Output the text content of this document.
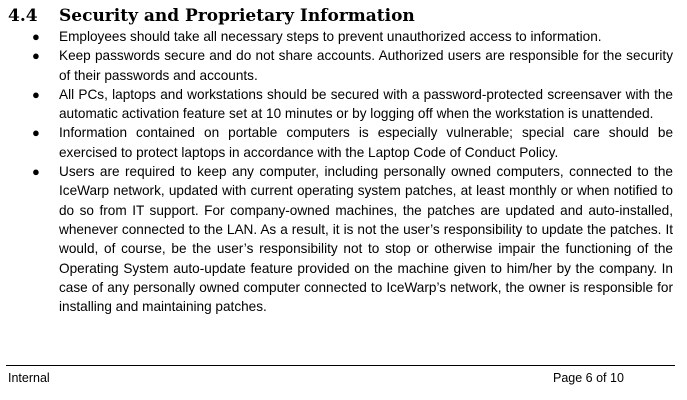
4.4 Security and Proprietary Information
● Employees should take all necessary steps to prevent unauthorized access to information.
● Keep passwords secure and do not share accounts. Authorized users are responsible for the security of their passwords and accounts.
● All PCs, laptops and workstations should be secured with a password-protected screensaver with the automatic activation feature set at 10 minutes or by logging off when the workstation is unattended.
● Information contained on portable computers is especially vulnerable; special care should be exercised to protect laptops in accordance with the Laptop Code of Conduct Policy.
● Users are required to keep any computer, including personally owned computers, connected to the IceWarp network, updated with current operating system patches, at least monthly or when notified to do so from IT support. For company-owned machines, the patches are updated and auto-installed, whenever connected to the LAN. As a result, it is not the user’s responsibility to update the patches. It would, of course, be the user’s responsibility not to stop or otherwise impair the functioning of the Operating System auto-update feature provided on the machine given to him/her by the company. In case of any personally owned computer connected to IceWarp’s network, the owner is responsible for installing and maintaining patches.
Internal	Page 6 of 10
